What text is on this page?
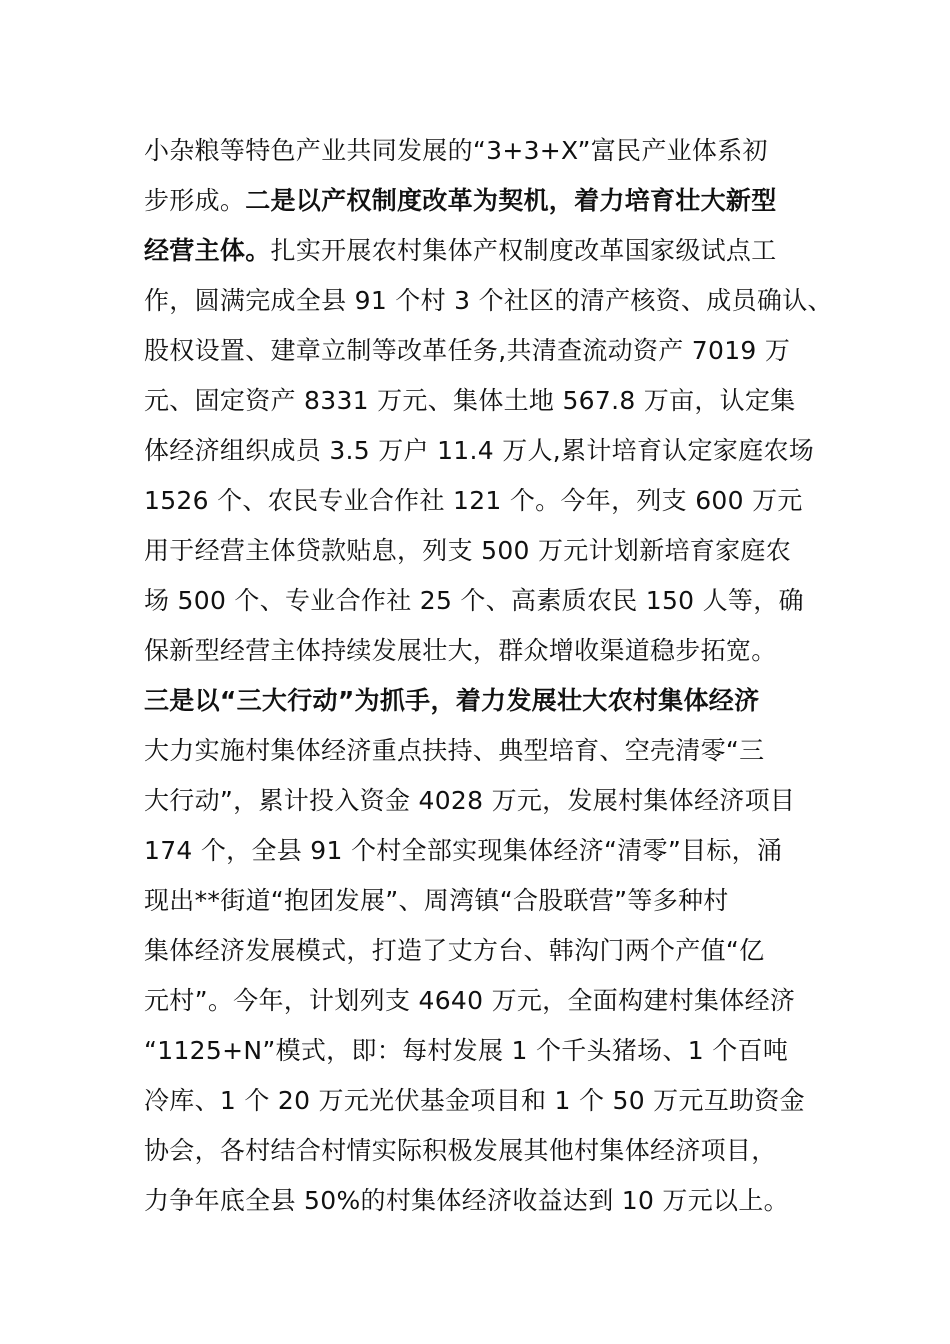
小杂粮等特色产业共同发展的“3+3+X”富民产业体系初
步形成。二是以产权制度改革为契机，着力培育壮大新型
经营主体。扎实开展农村集体产权制度改革国家级试点工
作，圆满完成全县 91 个村 3 个社区的清产核资、成员确认、
股权设置、建章立制等改革任务,共清查流动资产 7019 万
元、固定资产 8331 万元、集体土地 567.8 万亩，认定集
体经济组织成员 3.5 万户 11.4 万人,累计培育认定家庭农场
1526 个、农民专业合作社 121 个。今年，列支 600 万元
用于经营主体贷款贴息，列支 500 万元计划新培育家庭农
场 500 个、专业合作社 25 个、高素质农民 150 人等，确
保新型经营主体持续发展壮大，群众增收渠道稳步拓宽。
三是以“三大行动”为抓手，着力发展壮大农村集体经济
大力实施村集体经济重点扶持、典型培育、空壳清零“三
大行动”，累计投入资金 4028 万元，发展村集体经济项目
174 个，全县 91 个村全部实现集体经济“清零”目标，涌
现出**街道“抱团发展”、周湾镇“合股联营”等多种村
集体经济发展模式，打造了丈方台、韩沟门两个产值“亿
元村”。今年，计划列支 4640 万元，全面构建村集体经济
“1125+N”模式，即：每村发展 1 个千头猪场、1 个百吨
冷库、1 个 20 万元光伏基金项目和 1 个 50 万元互助资金
协会，各村结合村情实际积极发展其他村集体经济项目，
力争年底全县 50%的村集体经济收益达到 10 万元以上。
